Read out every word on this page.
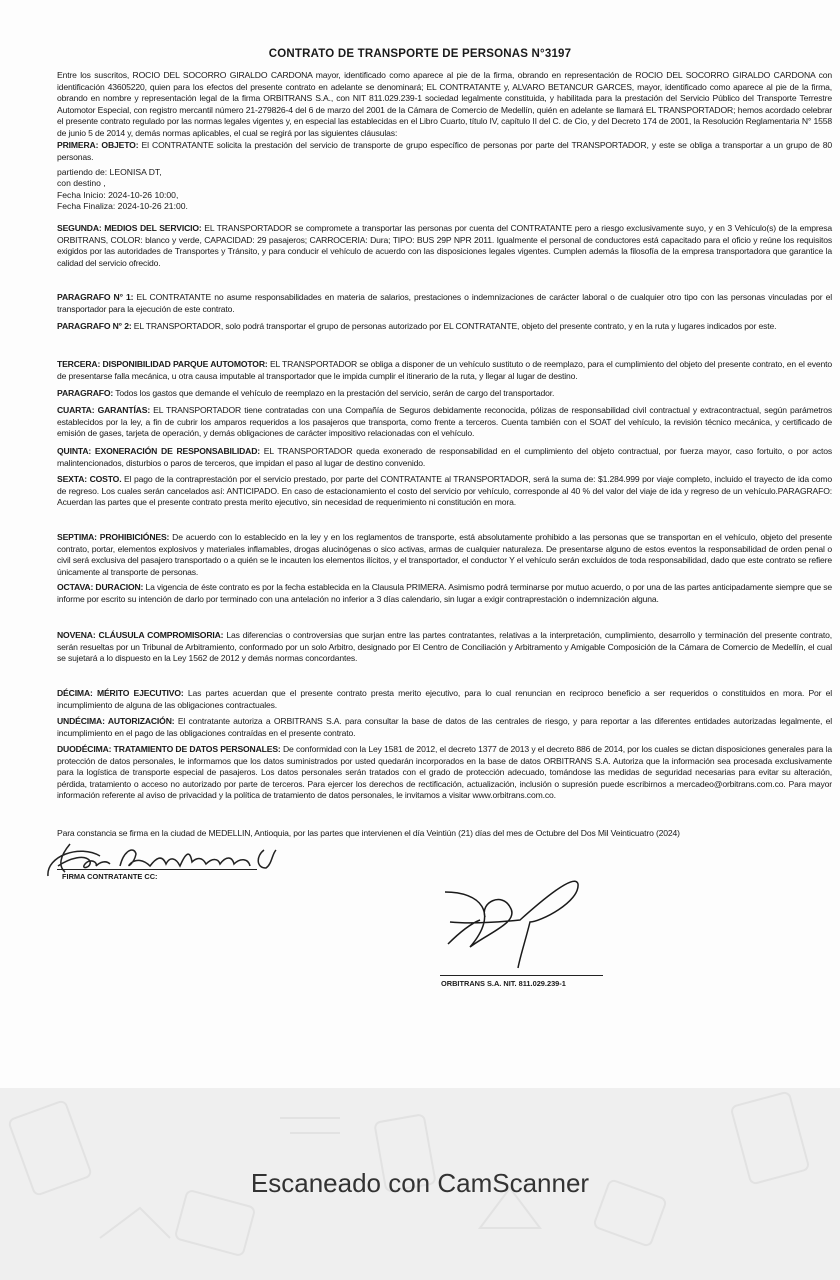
CONTRATO DE TRANSPORTE DE PERSONAS N°3197
Entre los suscritos, ROCIO DEL SOCORRO GIRALDO CARDONA mayor, identificado como aparece al pie de la firma, obrando en representación de ROCIO DEL SOCORRO GIRALDO CARDONA con identificación 43605220, quien para los efectos del presente contrato en adelante se denominará; EL CONTRATANTE y, ALVARO BETANCUR GARCES, mayor, identificado como aparece al pie de la firma, obrando en nombre y representación legal de la firma ORBITRANS S.A., con NIT 811.029.239-1 sociedad legalmente constituida, y habilitada para la prestación del Servicio Público del Transporte Terrestre Automotor Especial, con registro mercantil número 21-279826-4 del 6 de marzo del 2001 de la Cámara de Comercio de Medellín, quién en adelante se llamará EL TRANSPORTADOR; hemos acordado celebrar el presente contrato regulado por las normas legales vigentes y, en especial las establecidas en el Libro Cuarto, título IV, capítulo II del C. de Cio, y del Decreto 174 de 2001, la Resolución Reglamentaria N° 1558 de junio 5 de 2014 y, demás normas aplicables, el cual se regirá por las siguientes cláusulas:
PRIMERA: OBJETO: El CONTRATANTE solicita la prestación del servicio de transporte de grupo específico de personas por parte del TRANSPORTADOR, y este se obliga a transportar a un grupo de 80 personas.
partiendo de: LEONISA DT,
con destino ,
Fecha Inicio: 2024-10-26 10:00,
Fecha Finaliza: 2024-10-26 21:00.
SEGUNDA: MEDIOS DEL SERVICIO: EL TRANSPORTADOR se compromete a transportar las personas por cuenta del CONTRATANTE pero a riesgo exclusivamente suyo, y en 3 Vehículo(s) de la empresa ORBITRANS, COLOR: blanco y verde, CAPACIDAD: 29 pasajeros; CARROCERIA: Dura; TIPO: BUS 29P NPR 2011. Igualmente el personal de conductores está capacitado para el oficio y reúne los requisitos exigidos por las autoridades de Transportes y Tránsito, y para conducir el vehículo de acuerdo con las disposiciones legales vigentes. Cumplen además la filosofía de la empresa transportadora que garantice la calidad del servicio ofrecido.
PARAGRAFO N° 1: EL CONTRATANTE no asume responsabilidades en materia de salarios, prestaciones o indemnizaciones de carácter laboral o de cualquier otro tipo con las personas vinculadas por el transportador para la ejecución de este contrato.
PARAGRAFO N° 2: EL TRANSPORTADOR, solo podrá transportar el grupo de personas autorizado por EL CONTRATANTE, objeto del presente contrato, y en la ruta y lugares indicados por este.
TERCERA: DISPONIBILIDAD PARQUE AUTOMOTOR: EL TRANSPORTADOR se obliga a disponer de un vehículo sustituto o de reemplazo, para el cumplimiento del objeto del presente contrato, en el evento de presentarse falla mecánica, u otra causa imputable al transportador que le impida cumplir el itinerario de la ruta, y llegar al lugar de destino.
PARAGRAFO: Todos los gastos que demande el vehículo de reemplazo en la prestación del servicio, serán de cargo del transportador.
CUARTA: GARANTÍAS: EL TRANSPORTADOR tiene contratadas con una Compañía de Seguros debidamente reconocida, pólizas de responsabilidad civil contractual y extracontractual, según parámetros establecidos por la ley, a fin de cubrir los amparos requeridos a los pasajeros que transporta, como frente a terceros. Cuenta también con el SOAT del vehículo, la revisión técnico mecánica, y certificado de emisión de gases, tarjeta de operación, y demás obligaciones de carácter impositivo relacionadas con el vehículo.
QUINTA: EXONERACIÓN DE RESPONSABILIDAD: EL TRANSPORTADOR queda exonerado de responsabilidad en el cumplimiento del objeto contractual, por fuerza mayor, caso fortuito, o por actos malintencionados, disturbios o paros de terceros, que impidan el paso al lugar de destino convenido.
SEXTA: COSTO. El pago de la contraprestación por el servicio prestado, por parte del CONTRATANTE al TRANSPORTADOR, será la suma de: $1.284.999 por viaje completo, incluido el trayecto de ida como de regreso. Los cuales serán cancelados así: ANTICIPADO. En caso de estacionamiento el costo del servicio por vehículo, corresponde al 40 % del valor del viaje de ida y regreso de un vehículo.PARAGRAFO: Acuerdan las partes que el presente contrato presta merito ejecutivo, sin necesidad de requerimiento ni constitución en mora.
SEPTIMA: PROHIBICIÓNES: De acuerdo con lo establecido en la ley y en los reglamentos de transporte, está absolutamente prohibido a las personas que se transportan en el vehículo, objeto del presente contrato, portar, elementos explosivos y materiales inflamables, drogas alucinógenas o sico activas, armas de cualquier naturaleza. De presentarse alguno de estos eventos la responsabilidad de orden penal o civil será exclusiva del pasajero transportado o a quién se le incauten los elementos ilícitos, y el transportador, el conductor Y el vehículo serán excluidos de toda responsabilidad, dado que este contrato se refiere únicamente al transporte de personas.
OCTAVA: DURACION: La vigencia de éste contrato es por la fecha establecida en la Clausula PRIMERA. Asimismo podrá terminarse por mutuo acuerdo, o por una de las partes anticipadamente siempre que se informe por escrito su intención de darlo por terminado con una antelación no inferior a 3 días calendario, sin lugar a exigir contraprestación o indemnización alguna.
NOVENA: CLÁUSULA COMPROMISORIA: Las diferencias o controversias que surjan entre las partes contratantes, relativas a la interpretación, cumplimiento, desarrollo y terminación del presente contrato, serán resueltas por un Tribunal de Arbitramiento, conformado por un solo Arbitro, designado por El Centro de Conciliación y Arbitramento y Amigable Composición de la Cámara de Comercio de Medellín, el cual se sujetará a lo dispuesto en la Ley 1562 de 2012 y demás normas concordantes.
DÉCIMA: MÉRITO EJECUTIVO: Las partes acuerdan que el presente contrato presta merito ejecutivo, para lo cual renuncian en reciproco beneficio a ser requeridos o constituidos en mora. Por el incumplimiento de alguna de las obligaciones contractuales.
UNDÉCIMA: AUTORIZACIÓN: El contratante autoriza a ORBITRANS S.A. para consultar la base de datos de las centrales de riesgo, y para reportar a las diferentes entidades autorizadas legalmente, el incumplimiento en el pago de las obligaciones contraídas en el presente contrato.
DUODÉCIMA: TRATAMIENTO DE DATOS PERSONALES: De conformidad con la Ley 1581 de 2012, el decreto 1377 de 2013 y el decreto 886 de 2014, por los cuales se dictan disposiciones generales para la protección de datos personales, le informamos que los datos suministrados por usted quedarán incorporados en la base de datos ORBITRANS S.A. Autoriza que la información sea procesada exclusivamente para la logística de transporte especial de pasajeros. Los datos personales serán tratados con el grado de protección adecuado, tomándose las medidas de seguridad necesarias para evitar su alteración, pérdida, tratamiento o acceso no autorizado por parte de terceros. Para ejercer los derechos de rectificación, actualización, inclusión o supresión puede escribirnos a mercadeo@orbitrans.com.co. Para mayor información referente al aviso de privacidad y la política de tratamiento de datos personales, le invitamos a visitar www.orbitrans.com.co.
Para constancia se firma en la ciudad de MEDELLIN, Antioquia, por las partes que intervienen el día Veintiún (21) días del mes de Octubre del Dos Mil Veinticuatro (2024)
FIRMA CONTRATANTE CC:
ORBITRANS S.A. NIT. 811.029.239-1
Escaneado con CamScanner
